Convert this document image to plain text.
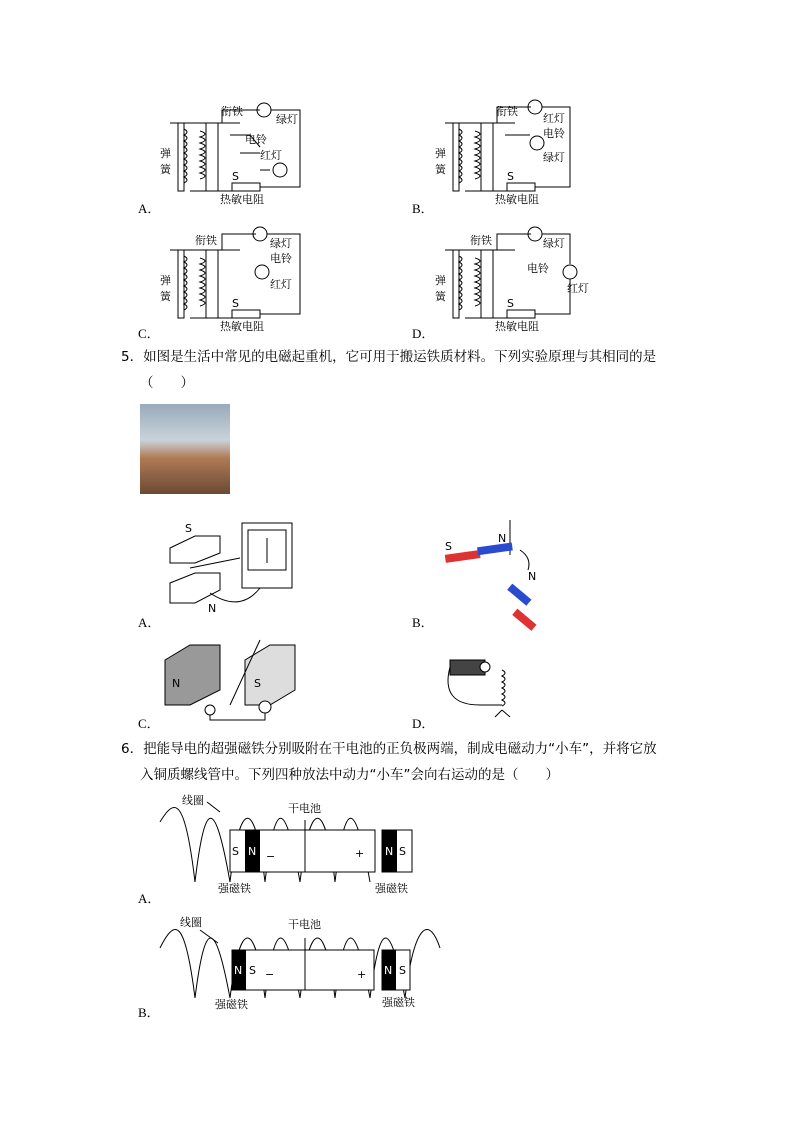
衔铁
弹
簧
绿灯
电铃
红灯
S
热敏电阻
A．
衔铁
弹
簧
红灯
电铃
绿灯
S
热敏电阻
B．
衔铁
弹
簧
绿灯
电铃
红灯
S
热敏电阻
C．
衔铁
弹
簧
绿灯
电铃
红灯
S
热敏电阻
D．
5．如图是生活中常见的电磁起重机，它可用于搬运铁质材料。下列实验原理与其相同的是
（　　）
S
N
A．
S
N
N
B．
N	S
C．	D．
6．把能导电的超强磁铁分别吸附在干电池的正负极两端，制成电磁动力“小车”，并将它放
入铜质螺线管中。下列四种放法中动力“小车”会向右运动的是（　　）
线圈
干电池
S N −	+ N S
强磁铁	强磁铁
A．
线圈	干电池
N S −	+ N S
强磁铁	强磁铁
B．
